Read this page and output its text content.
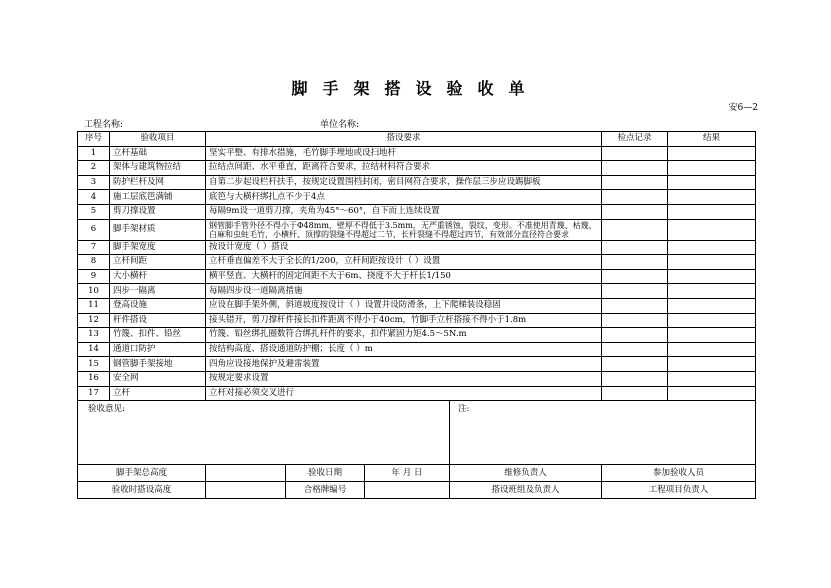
脚手架搭设验收单
安6—2
工程名称:	单位名称:
序号	验收项目	搭设要求				检点记录	结果
1	立杆基础	坚实平整、有排水措施，毛竹脚手埋地或设扫地杆					
2	架体与建筑物拉结	拉结点间距、水平垂直，距离符合要求，拉结材料符合要求					
3	防护栏杆及网	自第二步起设栏杆扶手，按规定设置围档封闭，密目网符合要求，操作层三步应设踢脚板					
4	施工层底笆满铺	底笆与大横杆绑扎点不少于4点					
5	剪刀撑设置	每隔9m设一道剪刀撑，夹角为45°～60°，自下而上连续设置					
6	脚手架材质	钢管脚手管外径不得小于Φ48mm，壁厚不得低于3.5mm，无严重锈蚀，裂纹，变形。不准使用青篾、枯篾，白麻和虫蛀毛竹，小横杆、顶撑的裂缝不得超过二节，长杆裂缝不得超过四节，有效部分直径符合要求					
7	脚手架宽度	按设计宽度（ ）搭设					
8	立杆间距	立杆垂直偏差不大于全长的1/200，立杆间距按设计（ ）设置					
9	大小横杆	横平竖直、大横杆的固定间距不大于6m、挠度不大于杆长1/150					
10	四步一隔离	每隔四步设一道隔离措施					
11	登高设施	应设在脚手架外侧，斜道坡度按设计（ ）设置并设防滑条，上下爬梯装设稳固					
12	杆件搭设	接头错开，剪刀撑杆件接长扣件距离不得小于40cm，竹脚手立杆搭接不得小于1.8m					
13	竹篾、扣件、铅丝	竹篾、铅丝绑扎圈数符合绑扎杆件的要求，扣件紧固力矩4.5～5N.m					
14	通道口防护	按结构高度、搭设通道防护棚；长度（ ）m					
15	钢管脚手架接地	四角应设接地保护及避雷装置					
16	安全网	按规定要求设置					
17	立杆	立杆对接必须交叉进行					
验收意见:					注:		
脚手架总高度			验收日期	年 月 日	维修负责人	参加验收人员	
验收时搭设高度			合格牌编号		搭设班组及负责人	工程项目负责人	
